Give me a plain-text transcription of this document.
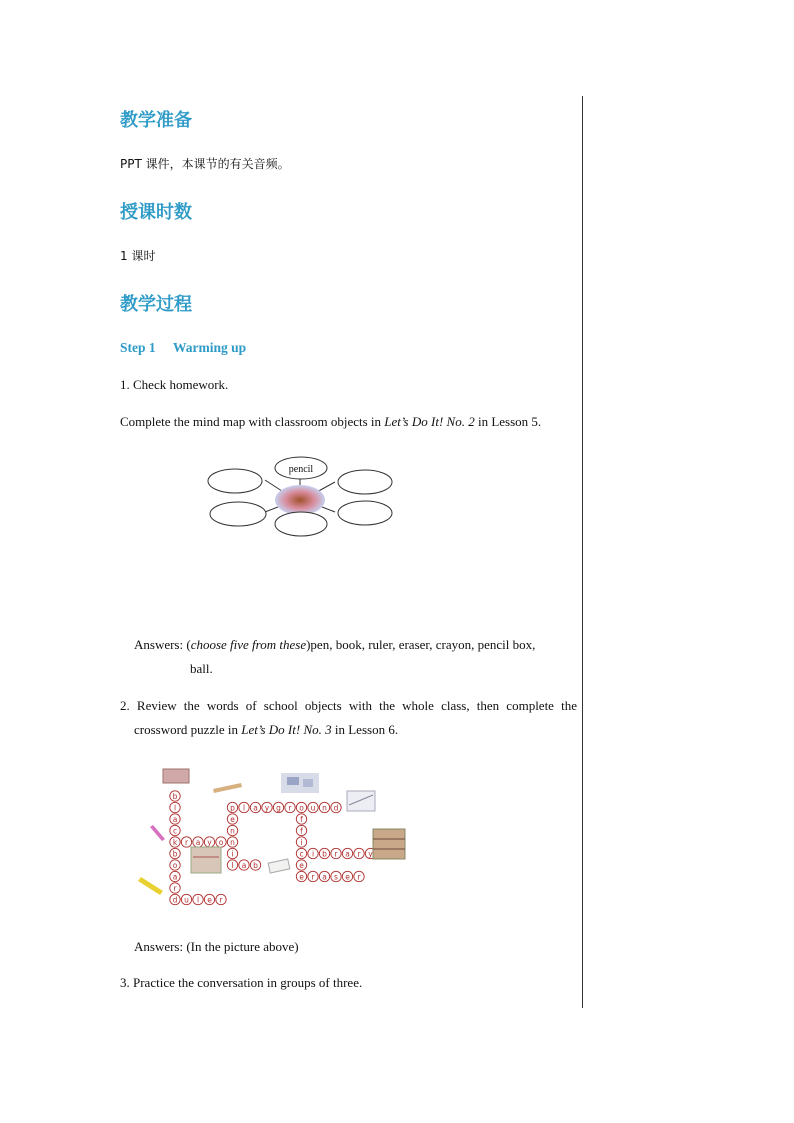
教学准备

PPT 课件，本课节的有关音频。

授课时数

1 课时

教学过程
Step 1 Warming up

1. Check homework.

Complete the mind map with classroom objects in Let’s Do It! No. 2 in Lesson 5.

pencil

Answers: (choose five from these)pen, book, ruler, eraser, crayon, pencil box,

ball.

2. Review the words of school objects with the whole class, then complete the

crossword puzzle in Let’s Do It! No. 3 in Lesson 6.

b
l
a
c
k
b
o
a
r
d
p l a y g r o u n d
r a y o n
e
n
i
l
f
f
i
c
e
i b r a r y
a b
e r a s e r
u l e r

Answers: (In the picture above)

3. Practice the conversation in groups of three.
